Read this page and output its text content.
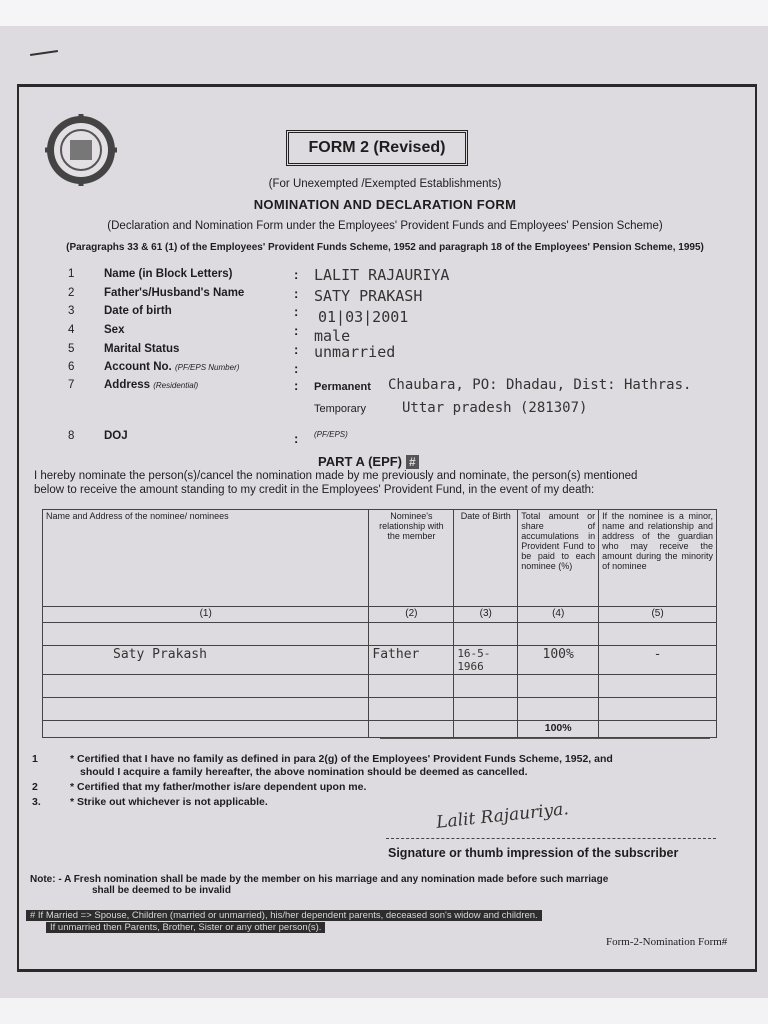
FORM 2 (Revised)
(For Unexempted /Exempted Establishments)
NOMINATION AND DECLARATION FORM
(Declaration and Nomination Form under the Employees' Provident Funds and Employees' Pension Scheme)
(Paragraphs 33 & 61 (1) of the Employees' Provident Funds Scheme, 1952 and paragraph 18 of the Employees' Pension Scheme, 1995)
1	Name (in Block Letters)	: LALIT RAJAURIYA
2	Father's/Husband's Name	: SATY PRAKASH
3	Date of birth	: 01|03|2001
4	Sex	: male
5	Marital Status	: unmarried
6	Account No. (PF/EPS Number)	:
7	Address (Residential)	: Permanent Chaubara, PO: Dhadau, Dist: Hathras.
Temporary	Uttar pradesh (281307)
8	DOJ	: (PF/EPS)
PART A (EPF) #
I hereby nominate the person(s)/cancel the nomination made by me previously and nominate, the person(s) mentioned
below to receive the amount standing to my credit in the Employees' Provident Fund, in the event of my death:
Name and Address of the nominee/ nominees	Nominee's relationship with the member	Date of Birth	Total amount or share of accumulations in Provident Fund to be paid to each nominee (%)	If the nominee is a minor, name and relationship and address of the guardian who may receive the amount during the minority of nominee
(1)	(2)	(3)	(4)	(5)

Saty Prakash	Father	16-5-1966	100%	-

			100%	
1	* Certified that I have no family as defined in para 2(g) of the Employees' Provident Funds Scheme, 1952, and
should I acquire a family hereafter, the above nomination should be deemed as cancelled.
2	* Certified that my father/mother is/are dependent upon me.
3.	* Strike out whichever is not applicable.	Lalit Rajauriya.
Signature or thumb impression of the subscriber
Note: - A Fresh nomination shall be made by the member on his marriage and any nomination made before such marriage
shall be deemed to be invalid
# If Married => Spouse, Children (married or unmarried), his/her dependent parents, deceased son's widow and children.
If unmarried then Parents, Brother, Sister or any other person(s).
Form-2-Nomination Form#
